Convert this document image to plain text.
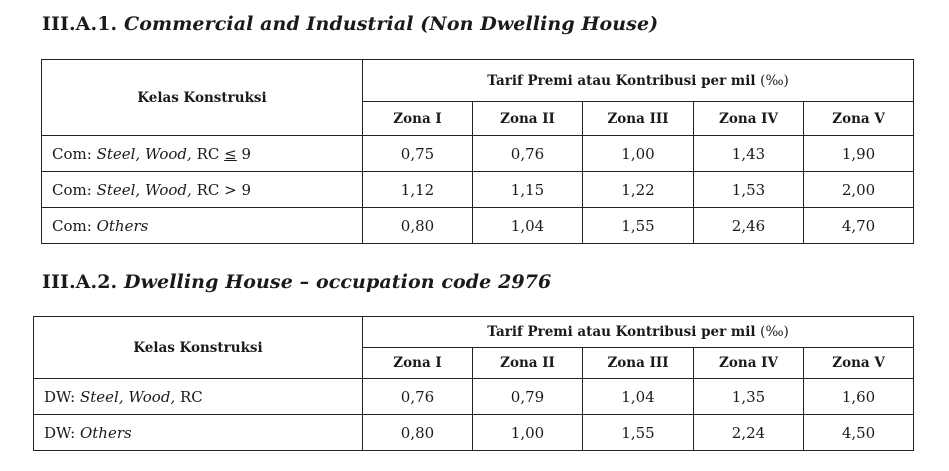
III.A.1. Commercial and Industrial (Non Dwelling House)
Kelas Konstruksi	Tarif Premi atau Kontribusi per mil (‰)				
	Zona I	Zona II	Zona III	Zona IV	Zona V
Com: Steel, Wood, RC ≤ 9	0,75	0,76	1,00	1,43	1,90
Com: Steel, Wood, RC > 9	1,12	1,15	1,22	1,53	2,00
Com: Others	0,80	1,04	1,55	2,46	4,70
III.A.2. Dwelling House – occupation code 2976
Kelas Konstruksi	Tarif Premi atau Kontribusi per mil (‰)				
	Zona I	Zona II	Zona III	Zona IV	Zona V
DW: Steel, Wood, RC	0,76	0,79	1,04	1,35	1,60
DW: Others	0,80	1,00	1,55	2,24	4,50
